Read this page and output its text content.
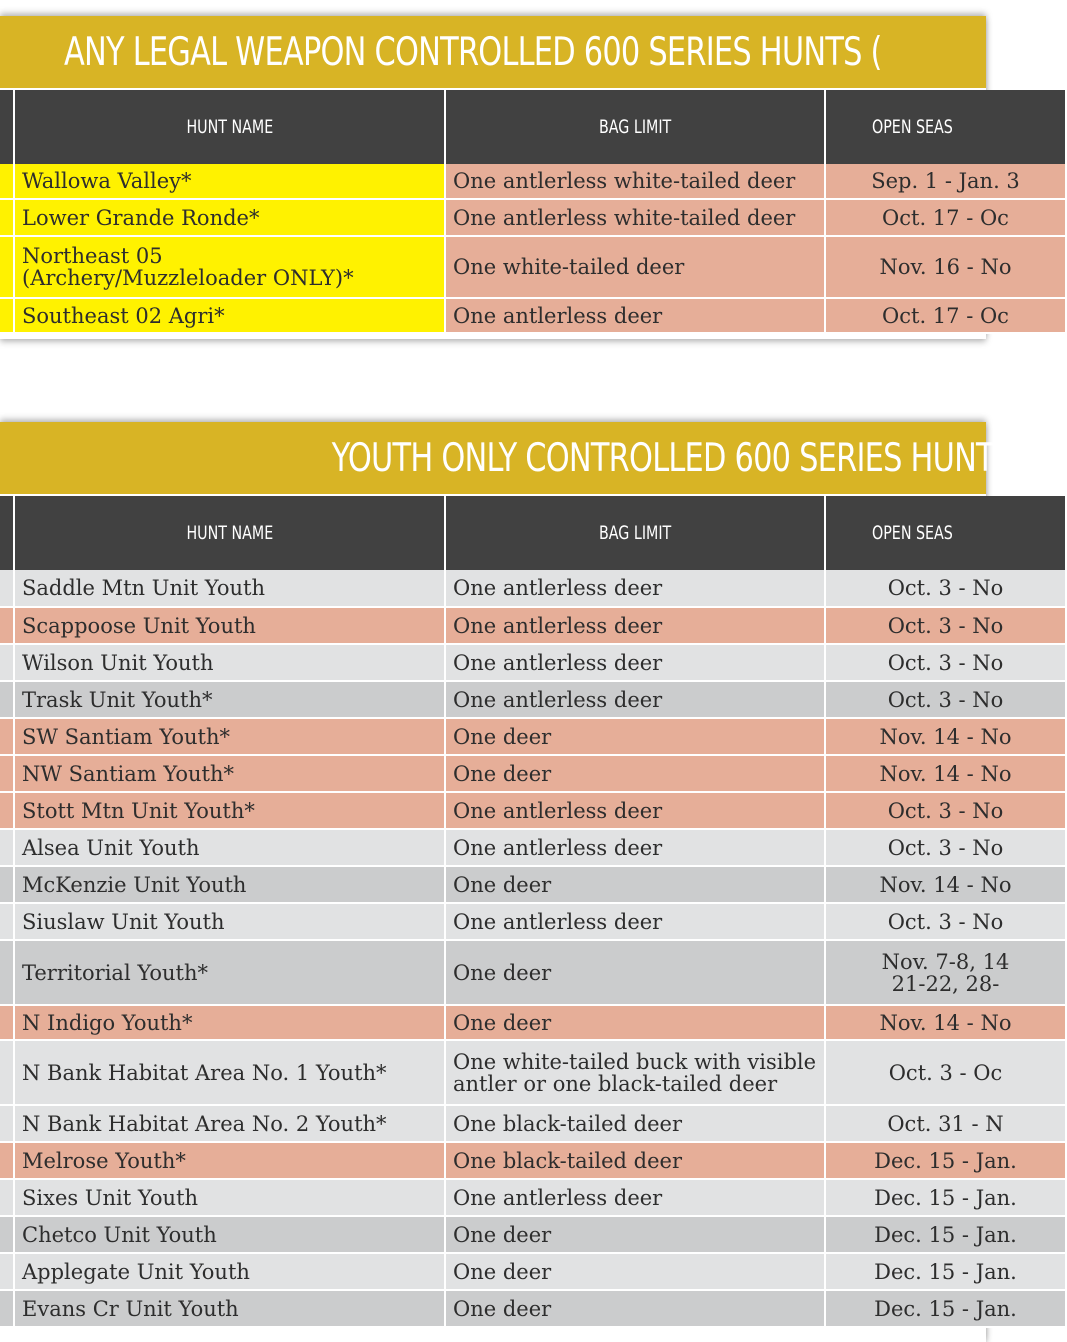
ANY LEGAL WEAPON CONTROLLED 600 SERIES HUNTS (
	HUNT NAME	BAG LIMIT	OPEN SEAS
	Wallowa Valley*	One antlerless white-tailed deer	Sep. 1 - Jan. 3
	Lower Grande Ronde*	One antlerless white-tailed deer	Oct. 17 - Oc
	Northeast 05
(Archery/Muzzleloader ONLY)*	One white-tailed deer	Nov. 16 - No
	Southeast 02 Agri*	One antlerless deer	Oct. 17 - Oc
YOUTH ONLY CONTROLLED 600 SERIES HUNT
	HUNT NAME	BAG LIMIT	OPEN SEAS
	Saddle Mtn Unit Youth	One antlerless deer	Oct. 3 - No
	Scappoose Unit Youth	One antlerless deer	Oct. 3 - No
	Wilson Unit Youth	One antlerless deer	Oct. 3 - No
	Trask Unit Youth*	One antlerless deer	Oct. 3 - No
	SW Santiam Youth*	One deer	Nov. 14 - No
	NW Santiam Youth*	One deer	Nov. 14 - No
	Stott Mtn Unit Youth*	One antlerless deer	Oct. 3 - No
	Alsea Unit Youth	One antlerless deer	Oct. 3 - No
	McKenzie Unit Youth	One deer	Nov. 14 - No
	Siuslaw Unit Youth	One antlerless deer	Oct. 3 - No
	Territorial Youth*	One deer	Nov. 7-8, 14
21-22, 28-
	N Indigo Youth*	One deer	Nov. 14 - No
	N Bank Habitat Area No. 1 Youth*	One white-tailed buck with visible
antler or one black-tailed deer	Oct. 3 - Oc
	N Bank Habitat Area No. 2 Youth*	One black-tailed deer	Oct. 31 - N
	Melrose Youth*	One black-tailed deer	Dec. 15 - Jan.
	Sixes Unit Youth	One antlerless deer	Dec. 15 - Jan.
	Chetco Unit Youth	One deer	Dec. 15 - Jan.
	Applegate Unit Youth	One deer	Dec. 15 - Jan.
	Evans Cr Unit Youth	One deer	Dec. 15 - Jan.
